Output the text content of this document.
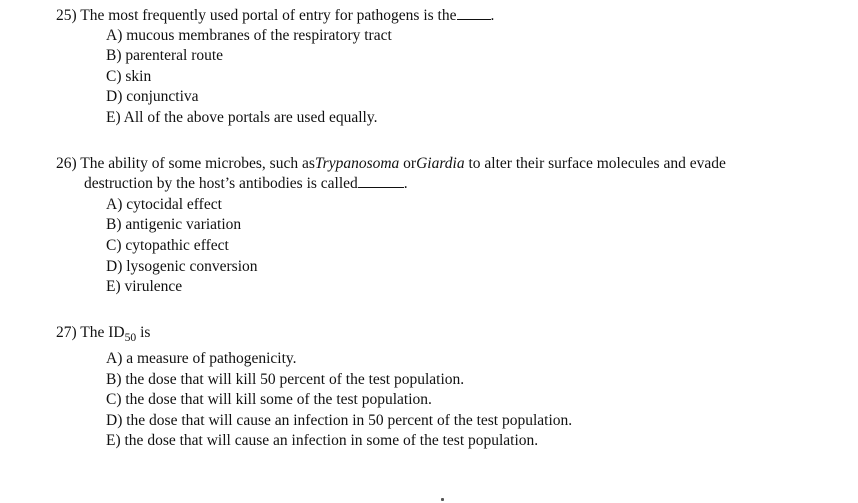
25) The most frequently used portal of entry for pathogens is the .
A) mucous membranes of the respiratory tract
B) parenteral route
C) skin
D) conjunctiva
E) All of the above portals are used equally.
26) The ability of some microbes, such asTrypanosoma orGiardia to alter their surface molecules and evade
destruction by the host’s antibodies is called	.
A) cytocidal effect
B) antigenic variation
C) cytopathic effect
D) lysogenic conversion
E) virulence
27) The $ID_{50}$ is
A) a measure of pathogenicity.
B) the dose that will kill 50 percent of the test population.
C) the dose that will kill some of the test population.
D) the dose that will cause an infection in 50 percent of the test population.
E) the dose that will cause an infection in some of the test population.
